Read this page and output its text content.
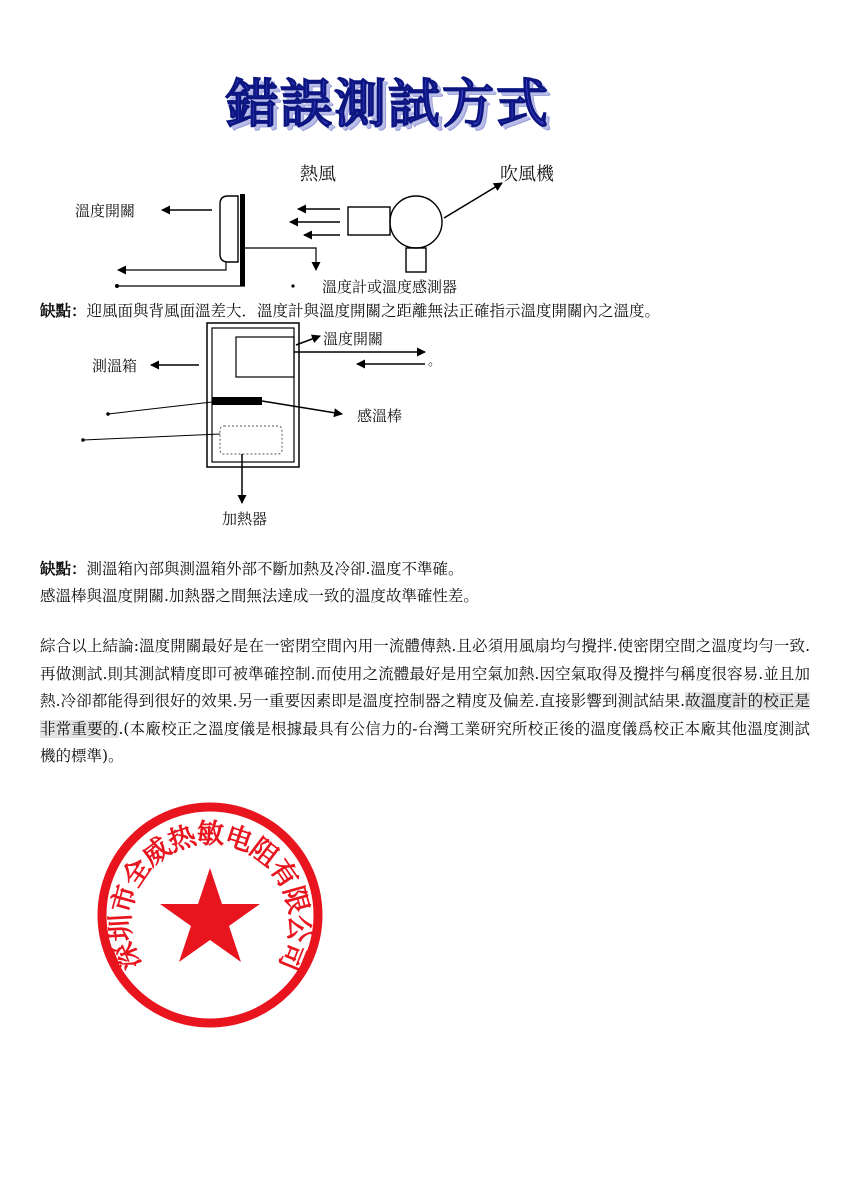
錯誤測試方式
熱風	吹風機
溫度開關
溫度計或溫度感測器
缺點：迎風面與背風面溫差大．溫度計與溫度開關之距離無法正確指示溫度開關內之溫度。
溫度開關
測溫箱	。
感溫棒
加熱器
缺點：測溫箱內部與測溫箱外部不斷加熱及冷卻.溫度不準確。
感溫棒與溫度開關.加熱器之間無法達成一致的溫度故準確性差。
綜合以上結論:溫度開關最好是在一密閉空間內用一流體傳熱.且必須用風扇均勻攪拌.使密閉空間之溫度均勻一致.再做測試.則其測試精度即可被準確控制.而使用之流體最好是用空氣加熱.因空氣取得及攪拌勻稱度很容易.並且加熱.冷卻都能得到很好的效果.另一重要因素即是溫度控制器之精度及偏差.直接影響到測試結果.故溫度計的校正是非常重要的.(本廠校正之溫度儀是根據最具有公信力的-台灣工業研究所校正後的溫度儀爲校正本廠其他溫度測試機的標準)。
深圳市全威热敏电阻有限公司
